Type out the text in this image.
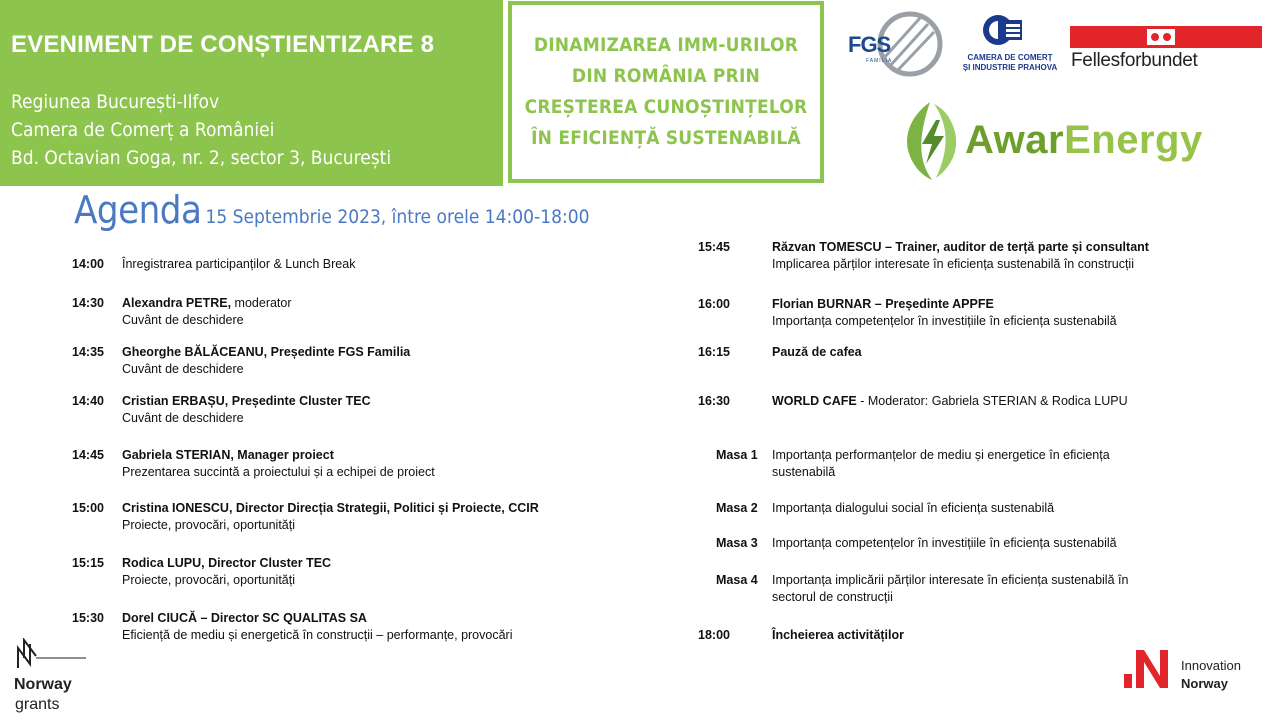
EVENIMENT DE CONȘTIENTIZARE 8
Regiunea București-Ilfov
Camera de Comerț a României
Bd. Octavian Goga, nr. 2, sector 3, București
DINAMIZAREA IMM-URILOR
DIN ROMÂNIA PRIN
CREȘTEREA CUNOȘTINȚELOR
ÎN EFICIENȚĂ SUSTENABILĂ
FGS
FAMILIA	CAMERA DE COMERȚ
ȘI INDUSTRIE PRAHOVA Fellesforbundet
AwarEnergy
Agenda 15 Septembrie 2023, între orele 14:00-18:00
14:00 Înregistrarea participanților & Lunch Break
14:30 Alexandra PETRE, moderator
Cuvânt de deschidere
14:35 Gheorghe BĂLĂCEANU, Președinte FGS Familia
Cuvânt de deschidere
14:40 Cristian ERBAȘU, Președinte Cluster TEC
Cuvânt de deschidere
14:45 Gabriela STERIAN, Manager proiect
Prezentarea succintă a proiectului și a echipei de proiect
15:00 Cristina IONESCU, Director Direcția Strategii, Politici și Proiecte, CCIR
Proiecte, provocări, oportunități
15:15 Rodica LUPU, Director Cluster TEC
Proiecte, provocări, oportunități
15:30 Dorel CIUCĂ – Director SC QUALITAS SA
Eficiență de mediu și energetică în construcții – performanțe, provocări
15:45	Răzvan TOMESCU – Trainer, auditor de terță parte și consultant
Implicarea părților interesate în eficiența sustenabilă în construcții
16:00	Florian BURNAR – Președinte APPFE
Importanța competențelor în investițiile în eficiența sustenabilă
16:15	Pauză de cafea
16:30	WORLD CAFE - Moderator: Gabriela STERIAN & Rodica LUPU
Masa 1 Importanța performanțelor de mediu și energetice în eficiența sustenabilă
Masa 2 Importanța dialogului social în eficiența sustenabilă
Masa 3 Importanța competențelor în investițiile în eficiența sustenabilă
Masa 4 Importanța implicării părților interesate în eficiența sustenabilă în sectorul de construcții
18:00	Încheierea activităților
Norway
grants
Innovation
Norway
